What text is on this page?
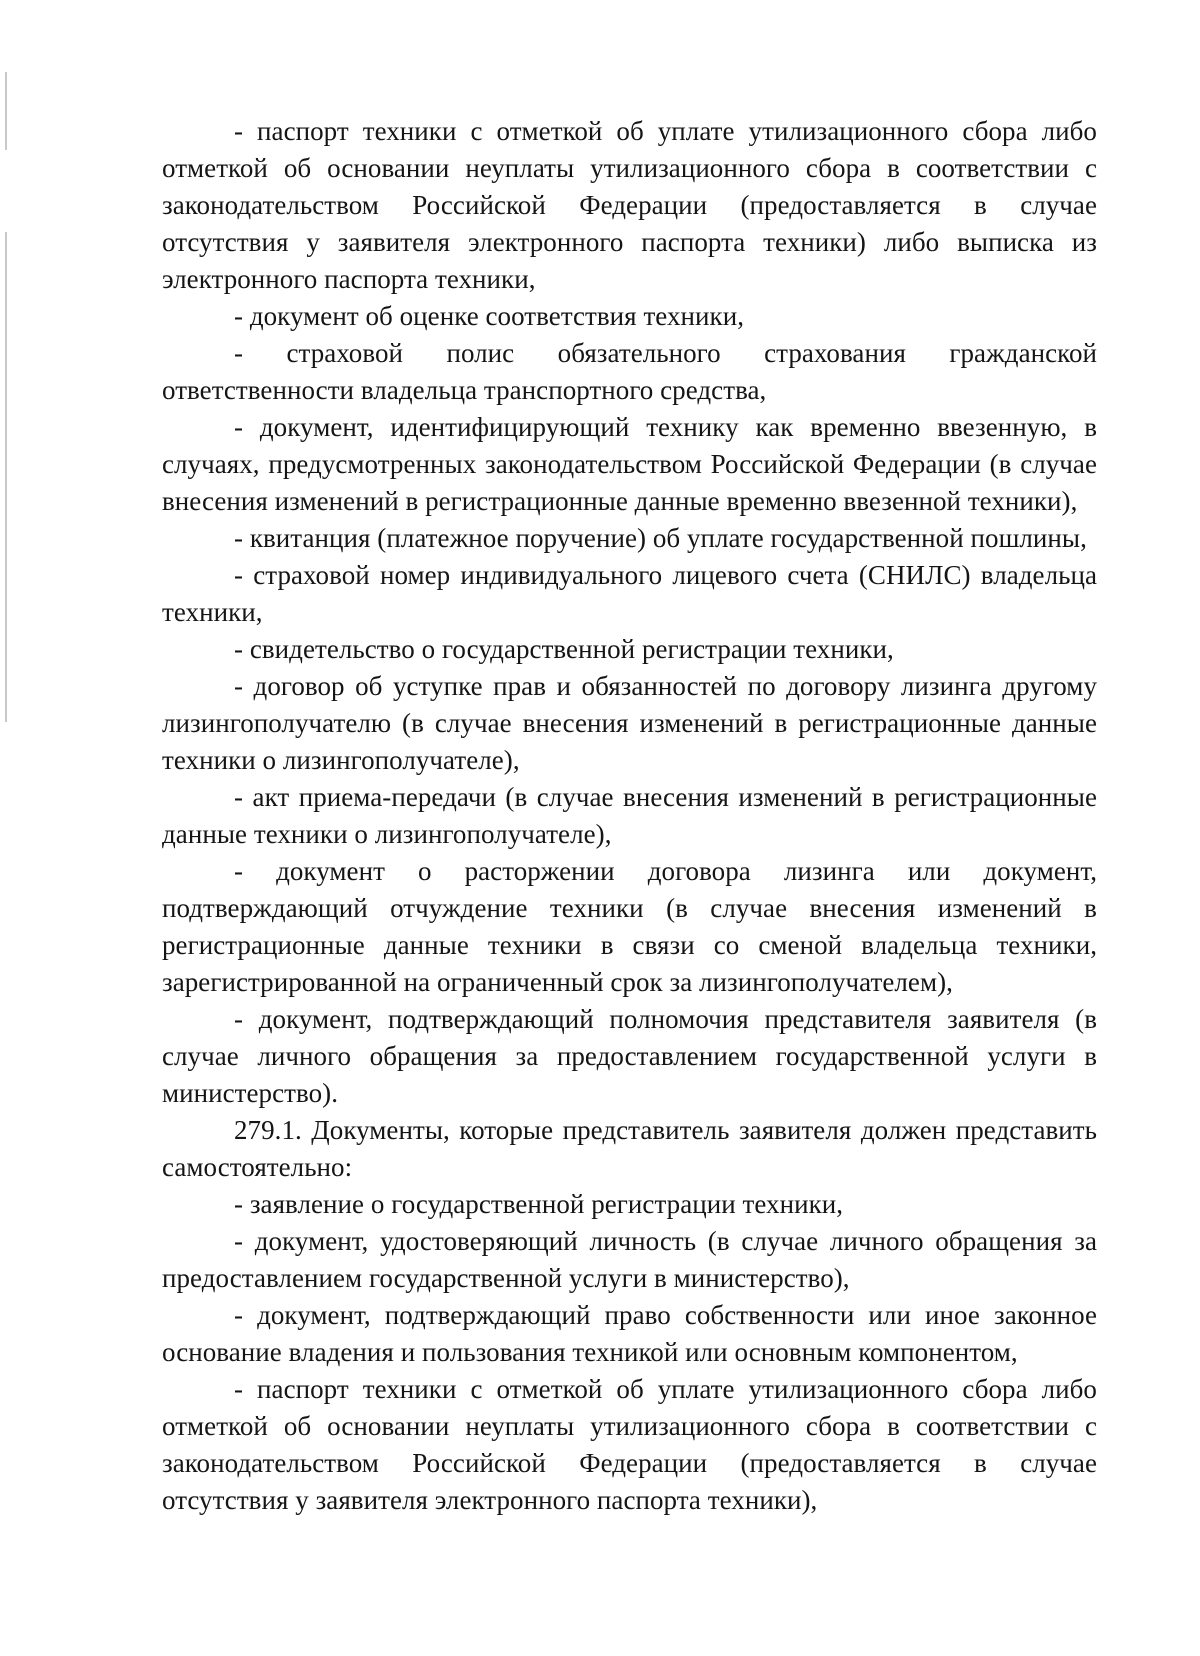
- паспорт техники с отметкой об уплате утилизационного сбора либо отметкой об основании неуплаты утилизационного сбора в соответствии с законодательством Российской Федерации (предоставляется в случае отсутствия у заявителя электронного паспорта техники) либо выписка из электронного паспорта техники,

- документ об оценке соответствия техники,

- страховой полис обязательного страхования гражданской ответственности владельца транспортного средства,

- документ, идентифицирующий технику как временно ввезенную, в случаях, предусмотренных законодательством Российской Федерации (в случае внесения изменений в регистрационные данные временно ввезенной техники),

- квитанция (платежное поручение) об уплате государственной пошлины,

- страховой номер индивидуального лицевого счета (СНИЛС) владельца техники,

- свидетельство о государственной регистрации техники,

- договор об уступке прав и обязанностей по договору лизинга другому лизингополучателю (в случае внесения изменений в регистрационные данные техники о лизингополучателе),

- акт приема-передачи (в случае внесения изменений в регистрационные данные техники о лизингополучателе),

- документ о расторжении договора лизинга или документ, подтверждающий отчуждение техники (в случае внесения изменений в регистрационные данные техники в связи со сменой владельца техники, зарегистрированной на ограниченный срок за лизингополучателем),

- документ, подтверждающий полномочия представителя заявителя (в случае личного обращения за предоставлением государственной услуги в министерство).

279.1. Документы, которые представитель заявителя должен представить самостоятельно:

- заявление о государственной регистрации техники,

- документ, удостоверяющий личность (в случае личного обращения за предоставлением государственной услуги в министерство),

- документ, подтверждающий право собственности или иное законное основание владения и пользования техникой или основным компонентом,

- паспорт техники с отметкой об уплате утилизационного сбора либо отметкой об основании неуплаты утилизационного сбора в соответствии с законодательством Российской Федерации (предоставляется в случае отсутствия у заявителя электронного паспорта техники),
